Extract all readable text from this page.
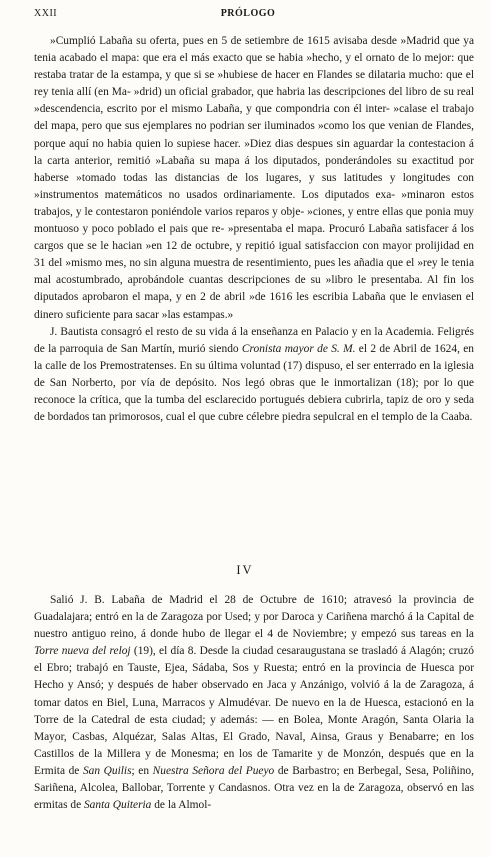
XXII	PRÓLOGO

»Cumplió Labaña su oferta, pues en 5 de setiembre de 1615 avisaba desde »Madrid que ya tenia acabado el mapa: que era el más exacto que se habia »hecho, y el ornato de lo mejor: que restaba tratar de la estampa, y que si se »hubiese de hacer en Flandes se dilataria mucho: que el rey tenia allí (en Ma- »drid) un oficial grabador, que habria las descripciones del libro de su real »descendencia, escrito por el mismo Labaña, y que compondria con él inter- »calase el trabajo del mapa, pero que sus ejemplares no podrian ser iluminados »como los que venian de Flandes, porque aquí no habia quien lo supiese hacer. »Diez dias despues sin aguardar la contestacion á la carta anterior, remitió »Labaña su mapa á los diputados, ponderándoles su exactitud por haberse »tomado todas las distancias de los lugares, y sus latitudes y longitudes con »instrumentos matemáticos no usados ordinariamente. Los diputados exa- »minaron estos trabajos, y le contestaron poniéndole varios reparos y obje- »ciones, y entre ellas que ponia muy montuoso y poco poblado el pais que re- »presentaba el mapa. Procuró Labaña satisfacer á los cargos que se le hacian »en 12 de octubre, y repitió igual satisfaccion con mayor prolijidad en 31 del »mismo mes, no sin alguna muestra de resentimiento, pues les añadia que el »rey le tenia mal acostumbrado, aprobándole cuantas descripciones de su »libro le presentaba. Al fin los diputados aprobaron el mapa, y en 2 de abril »de 1616 les escribia Labaña que le enviasen el dinero suficiente para sacar »las estampas.»

J. Bautista consagró el resto de su vida á la enseñanza en Palacio y en la Academia. Feligrés de la parroquia de San Martín, murió siendo Cronista mayor de S. M. el 2 de Abril de 1624, en la calle de los Premostratenses. En su última voluntad (17) dispuso, el ser enterrado en la iglesia de San Norberto, por vía de depósito. Nos legó obras que le inmortalizan (18); por lo que reconoce la crítica, que la tumba del esclarecido portugués debiera cubrirla, tapiz de oro y seda de bordados tan primorosos, cual el que cubre célebre piedra sepulcral en el templo de la Caaba.

IV

Salió J. B. Labaña de Madrid el 28 de Octubre de 1610; atravesó la provincia de Guadalajara; entró en la de Zaragoza por Used; y por Daroca y Cariñena marchó á la Capital de nuestro antiguo reino, á donde hubo de llegar el 4 de Noviembre; y empezó sus tareas en la Torre nueva del reloj (19), el día 8. Desde la ciudad cesaraugustana se trasladó á Alagón; cruzó el Ebro; trabajó en Tauste, Ejea, Sádaba, Sos y Ruesta; entró en la provincia de Huesca por Hecho y Ansó; y después de haber observado en Jaca y Anzánigo, volvió á la de Zaragoza, á tomar datos en Biel, Luna, Marracos y Almudévar. De nuevo en la de Huesca, estacionó en la Torre de la Catedral de esta ciudad; y además: — en Bolea, Monte Aragón, Santa Olaria la Mayor, Casbas, Alquézar, Salas Altas, El Grado, Naval, Ainsa, Graus y Benabarre; en los Castillos de la Millera y de Monesma; en los de Tamarite y de Monzón, después que en la Ermita de San Quilis; en Nuestra Señora del Pueyo de Barbastro; en Berbegal, Sesa, Poliñino, Sariñena, Alcolea, Ballobar, Torrente y Candasnos. Otra vez en la de Zaragoza, observó en las ermitas de Santa Quiteria de la Almol-
